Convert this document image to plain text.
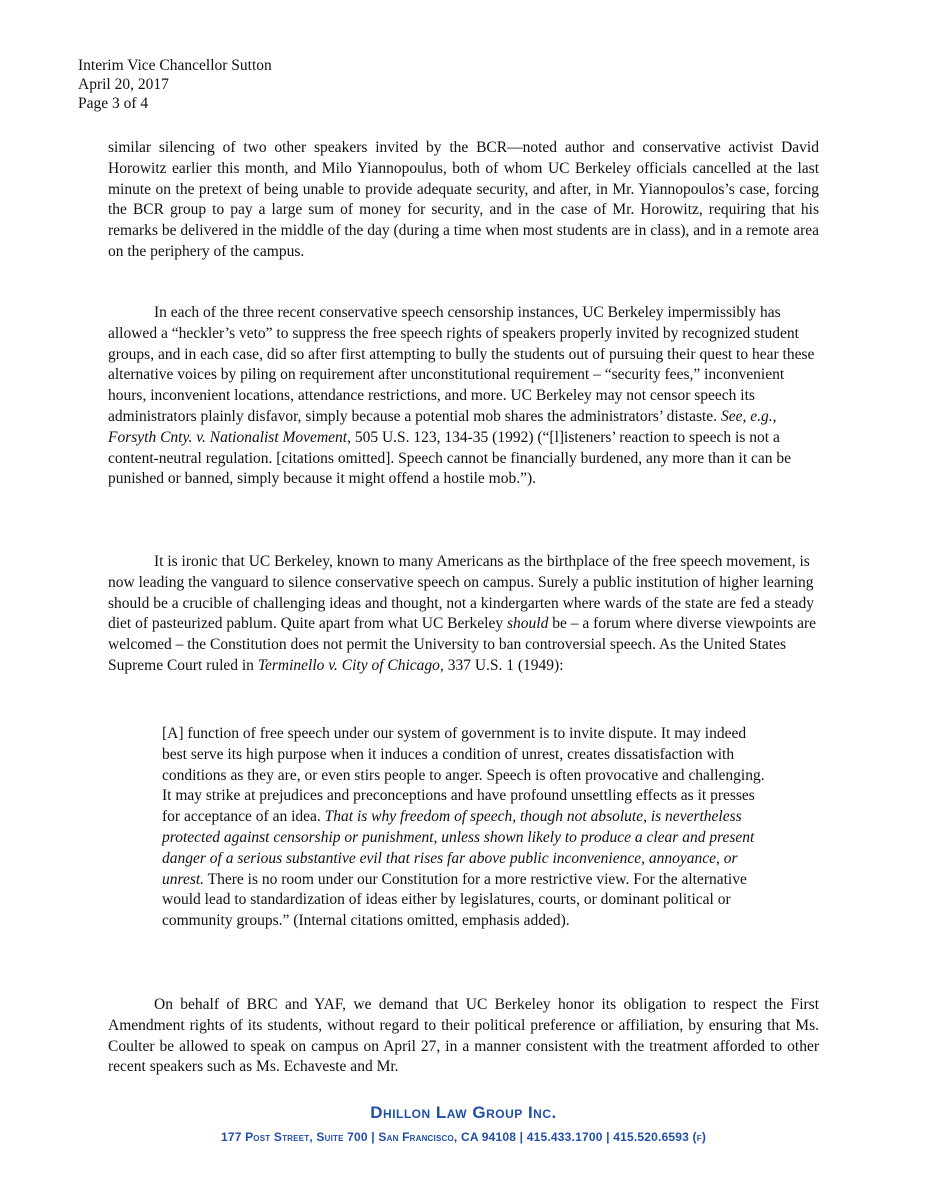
Interim Vice Chancellor Sutton
April 20, 2017
Page 3 of 4

similar silencing of two other speakers invited by the BCR—noted author and conservative activist David Horowitz earlier this month, and Milo Yiannopoulus, both of whom UC Berkeley officials cancelled at the last minute on the pretext of being unable to provide adequate security, and after, in Mr. Yiannopoulos’s case, forcing the BCR group to pay a large sum of money for security, and in the case of Mr. Horowitz, requiring that his remarks be delivered in the middle of the day (during a time when most students are in class), and in a remote area on the periphery of the campus.

In each of the three recent conservative speech censorship instances, UC Berkeley impermissibly has allowed a “heckler’s veto” to suppress the free speech rights of speakers properly invited by recognized student groups, and in each case, did so after first attempting to bully the students out of pursuing their quest to hear these alternative voices by piling on requirement after unconstitutional requirement – “security fees,” inconvenient hours, inconvenient locations, attendance restrictions, and more. UC Berkeley may not censor speech its administrators plainly disfavor, simply because a potential mob shares the administrators’ distaste. See, e.g., Forsyth Cnty. v. Nationalist Movement, 505 U.S. 123, 134-35 (1992) (“[l]isteners’ reaction to speech is not a content-neutral regulation. [citations omitted]. Speech cannot be financially burdened, any more than it can be punished or banned, simply because it might offend a hostile mob.”).

It is ironic that UC Berkeley, known to many Americans as the birthplace of the free speech movement, is now leading the vanguard to silence conservative speech on campus. Surely a public institution of higher learning should be a crucible of challenging ideas and thought, not a kindergarten where wards of the state are fed a steady diet of pasteurized pablum. Quite apart from what UC Berkeley should be – a forum where diverse viewpoints are welcomed – the Constitution does not permit the University to ban controversial speech. As the United States Supreme Court ruled in Terminello v. City of Chicago, 337 U.S. 1 (1949):

[A] function of free speech under our system of government is to invite dispute. It may indeed best serve its high purpose when it induces a condition of unrest, creates dissatisfaction with conditions as they are, or even stirs people to anger. Speech is often provocative and challenging. It may strike at prejudices and preconceptions and have profound unsettling effects as it presses for acceptance of an idea. That is why freedom of speech, though not absolute, is nevertheless protected against censorship or punishment, unless shown likely to produce a clear and present danger of a serious substantive evil that rises far above public inconvenience, annoyance, or unrest. There is no room under our Constitution for a more restrictive view. For the alternative would lead to standardization of ideas either by legislatures, courts, or dominant political or community groups.” (Internal citations omitted, emphasis added).

On behalf of BRC and YAF, we demand that UC Berkeley honor its obligation to respect the First Amendment rights of its students, without regard to their political preference or affiliation, by ensuring that Ms. Coulter be allowed to speak on campus on April 27, in a manner consistent with the treatment afforded to other recent speakers such as Ms. Echaveste and Mr.

Dhillon Law Group Inc.
177 Post Street, Suite 700 | San Francisco, CA 94108 | 415.433.1700 | 415.520.6593 (f)
